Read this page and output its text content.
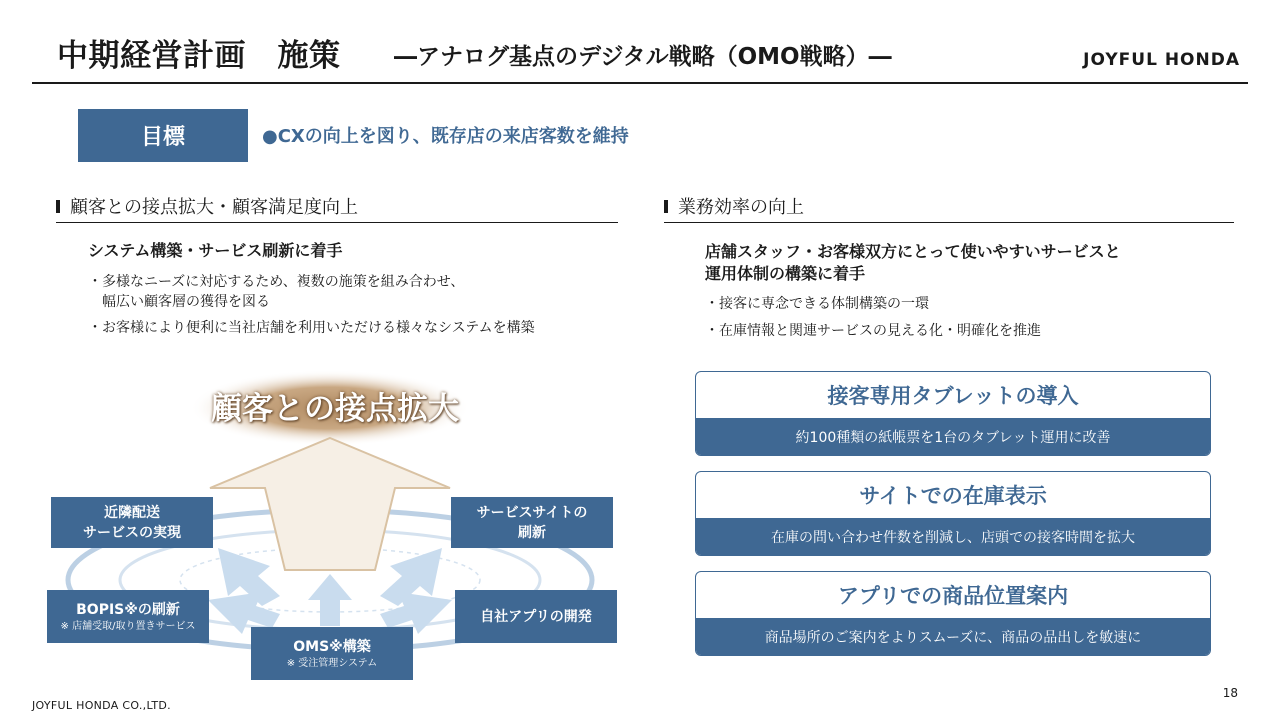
中期経営計画　施策 ―アナログ基点のデジタル戦略（OMO戦略）―	JOYFUL HONDA
目標	●CXの向上を図り、既存店の来店客数を維持
顧客との接点拡大・顧客満足度向上
システム構築・サービス刷新に着手
・多様なニーズに対応するため、複数の施策を組み合わせ、
　幅広い顧客層の獲得を図る
・お客様により便利に当社店舗を利用いただける様々なシステムを構築
顧客との接点拡大
近隣配送
サービスの実現
サービスサイトの
刷新
BOPIS※の刷新
※ 店舗受取/取り置きサービス
自社アプリの開発
OMS※構築
※ 受注管理システム
業務効率の向上
店舗スタッフ・お客様双方にとって使いやすいサービスと
運用体制の構築に着手
・接客に専念できる体制構築の一環
・在庫情報と関連サービスの見える化・明確化を推進
接客専用タブレットの導入
約100種類の紙帳票を1台のタブレット運用に改善
サイトでの在庫表示
在庫の問い合わせ件数を削減し、店頭での接客時間を拡大
アプリでの商品位置案内
商品場所のご案内をよりスムーズに、商品の品出しを敏速に
JOYFUL HONDA CO.,LTD.
18
